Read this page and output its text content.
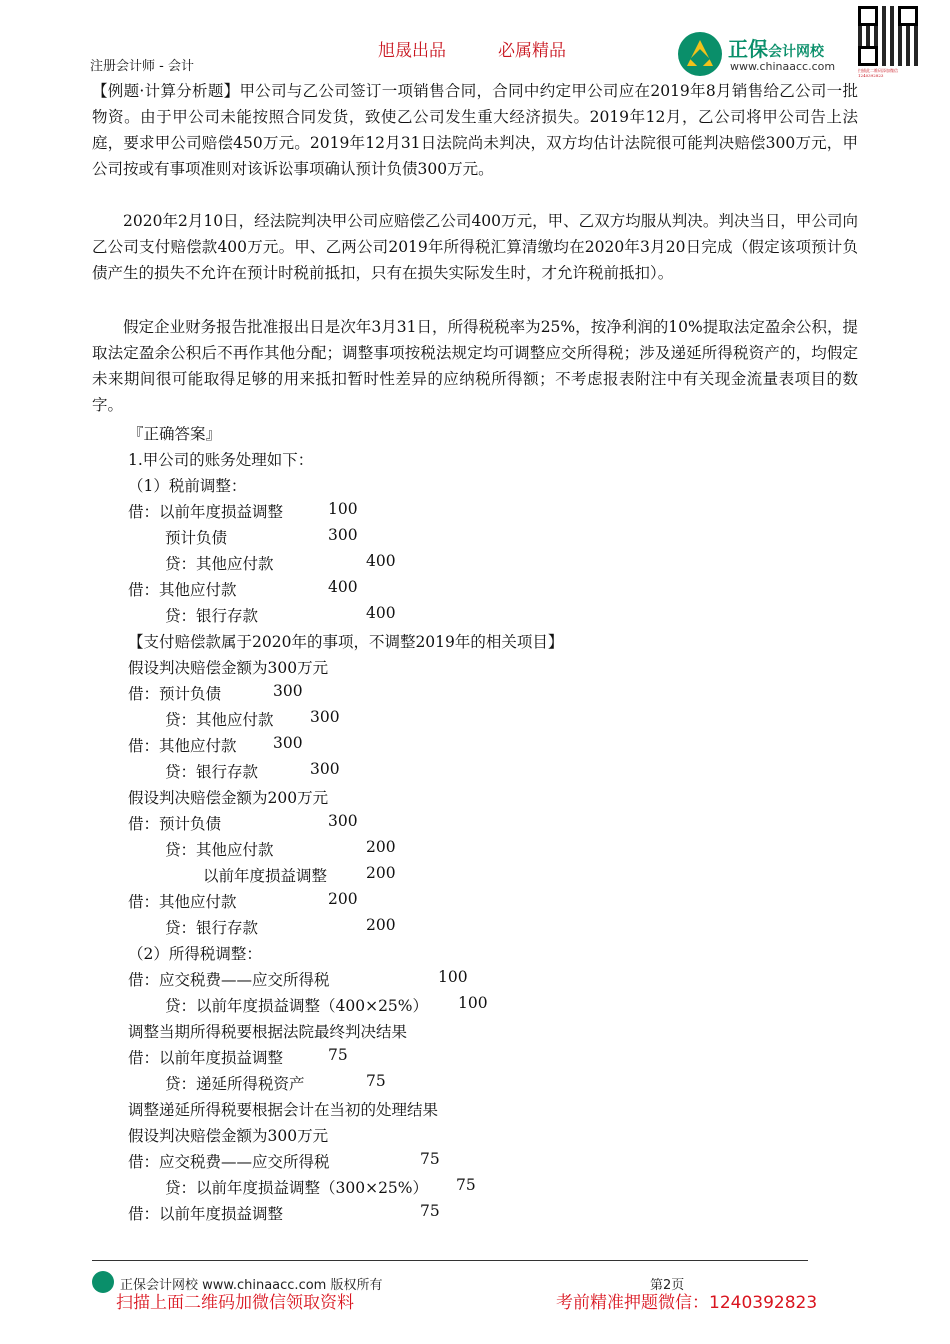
旭晟出品	必属精品
注册会计师 - 会计
正保会计网校
www.chinaacc.com	扫描此二维码添加微信 1240392823
【例题·计算分析题】甲公司与乙公司签订一项销售合同，合同中约定甲公司应在2019年8月销售给乙公司一批物资。由于甲公司未能按照合同发货，致使乙公司发生重大经济损失。2019年12月，乙公司将甲公司告上法庭，要求甲公司赔偿450万元。2019年12月31日法院尚未判决，双方均估计法院很可能判决赔偿300万元，甲公司按或有事项准则对该诉讼事项确认预计负债300万元。
2020年2月10日，经法院判决甲公司应赔偿乙公司400万元，甲、乙双方均服从判决。判决当日，甲公司向乙公司支付赔偿款400万元。甲、乙两公司2019年所得税汇算清缴均在2020年3月20日完成（假定该项预计负债产生的损失不允许在预计时税前抵扣，只有在损失实际发生时，才允许税前抵扣）。
假定企业财务报告批准报出日是次年3月31日，所得税税率为25%，按净利润的10%提取法定盈余公积，提取法定盈余公积后不再作其他分配；调整事项按税法规定均可调整应交所得税；涉及递延所得税资产的，均假定未来期间很可能取得足够的用来抵扣暂时性差异的应纳税所得额；不考虑报表附注中有关现金流量表项目的数字。
『正确答案』
1.甲公司的账务处理如下：
（1）税前调整：
借：以前年度损益调整	100
预计负债	300
贷：其他应付款	400
借：其他应付款	400
贷：银行存款	400
【支付赔偿款属于2020年的事项，不调整2019年的相关项目】
假设判决赔偿金额为300万元
借：预计负债	300
贷：其他应付款 300
借：其他应付款 300
贷：银行存款	300
假设判决赔偿金额为200万元
借：预计负债	300
贷：其他应付款	200
以前年度损益调整	200
借：其他应付款	200
贷：银行存款	200
（2）所得税调整：
借：应交税费——应交所得税	100
贷：以前年度损益调整（400×25%） 100
调整当期所得税要根据法院最终判决结果
借：以前年度损益调整	75
贷：递延所得税资产	75
调整递延所得税要根据会计在当初的处理结果
假设判决赔偿金额为300万元
借：应交税费——应交所得税	75
贷：以前年度损益调整（300×25%） 75
借：以前年度损益调整	75
正保会计网校 www.chinaacc.com 版权所有	第2页
扫描上面二维码加微信领取资料	考前精准押题微信：1240392823
